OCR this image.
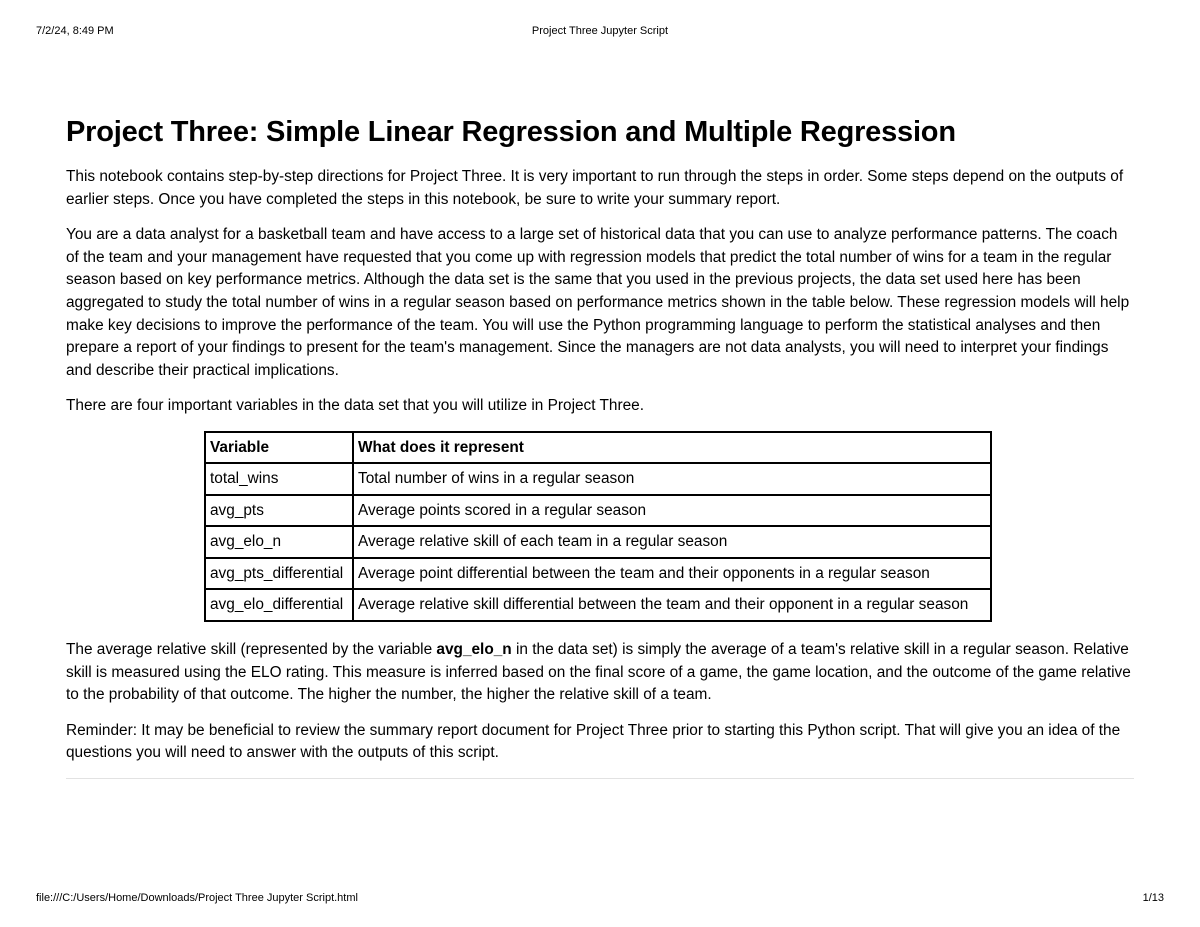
7/2/24, 8:49 PM	Project Three Jupyter Script
Project Three: Simple Linear Regression and Multiple Regression

This notebook contains step-by-step directions for Project Three. It is very important to run through the steps in order. Some steps depend on the outputs of earlier steps. Once you have completed the steps in this notebook, be sure to write your summary report.

You are a data analyst for a basketball team and have access to a large set of historical data that you can use to analyze performance patterns. The coach of the team and your management have requested that you come up with regression models that predict the total number of wins for a team in the regular season based on key performance metrics. Although the data set is the same that you used in the previous projects, the data set used here has been aggregated to study the total number of wins in a regular season based on performance metrics shown in the table below. These regression models will help make key decisions to improve the performance of the team. You will use the Python programming language to perform the statistical analyses and then prepare a report of your findings to present for the team's management. Since the managers are not data analysts, you will need to interpret your findings and describe their practical implications.

There are four important variables in the data set that you will utilize in Project Three.

Variable	What does it represent
total_wins	Total number of wins in a regular season
avg_pts	Average points scored in a regular season
avg_elo_n	Average relative skill of each team in a regular season
avg_pts_differential	Average point differential between the team and their opponents in a regular season
avg_elo_differential	Average relative skill differential between the team and their opponent in a regular season

The average relative skill (represented by the variable avg_elo_n in the data set) is simply the average of a team's relative skill in a regular season. Relative skill is measured using the ELO rating. This measure is inferred based on the final score of a game, the game location, and the outcome of the game relative to the probability of that outcome. The higher the number, the higher the relative skill of a team.

Reminder: It may be beneficial to review the summary report document for Project Three prior to starting this Python script. That will give you an idea of the questions you will need to answer with the outputs of this script.

file:///C:/Users/Home/Downloads/Project Three Jupyter Script.html	1/13
